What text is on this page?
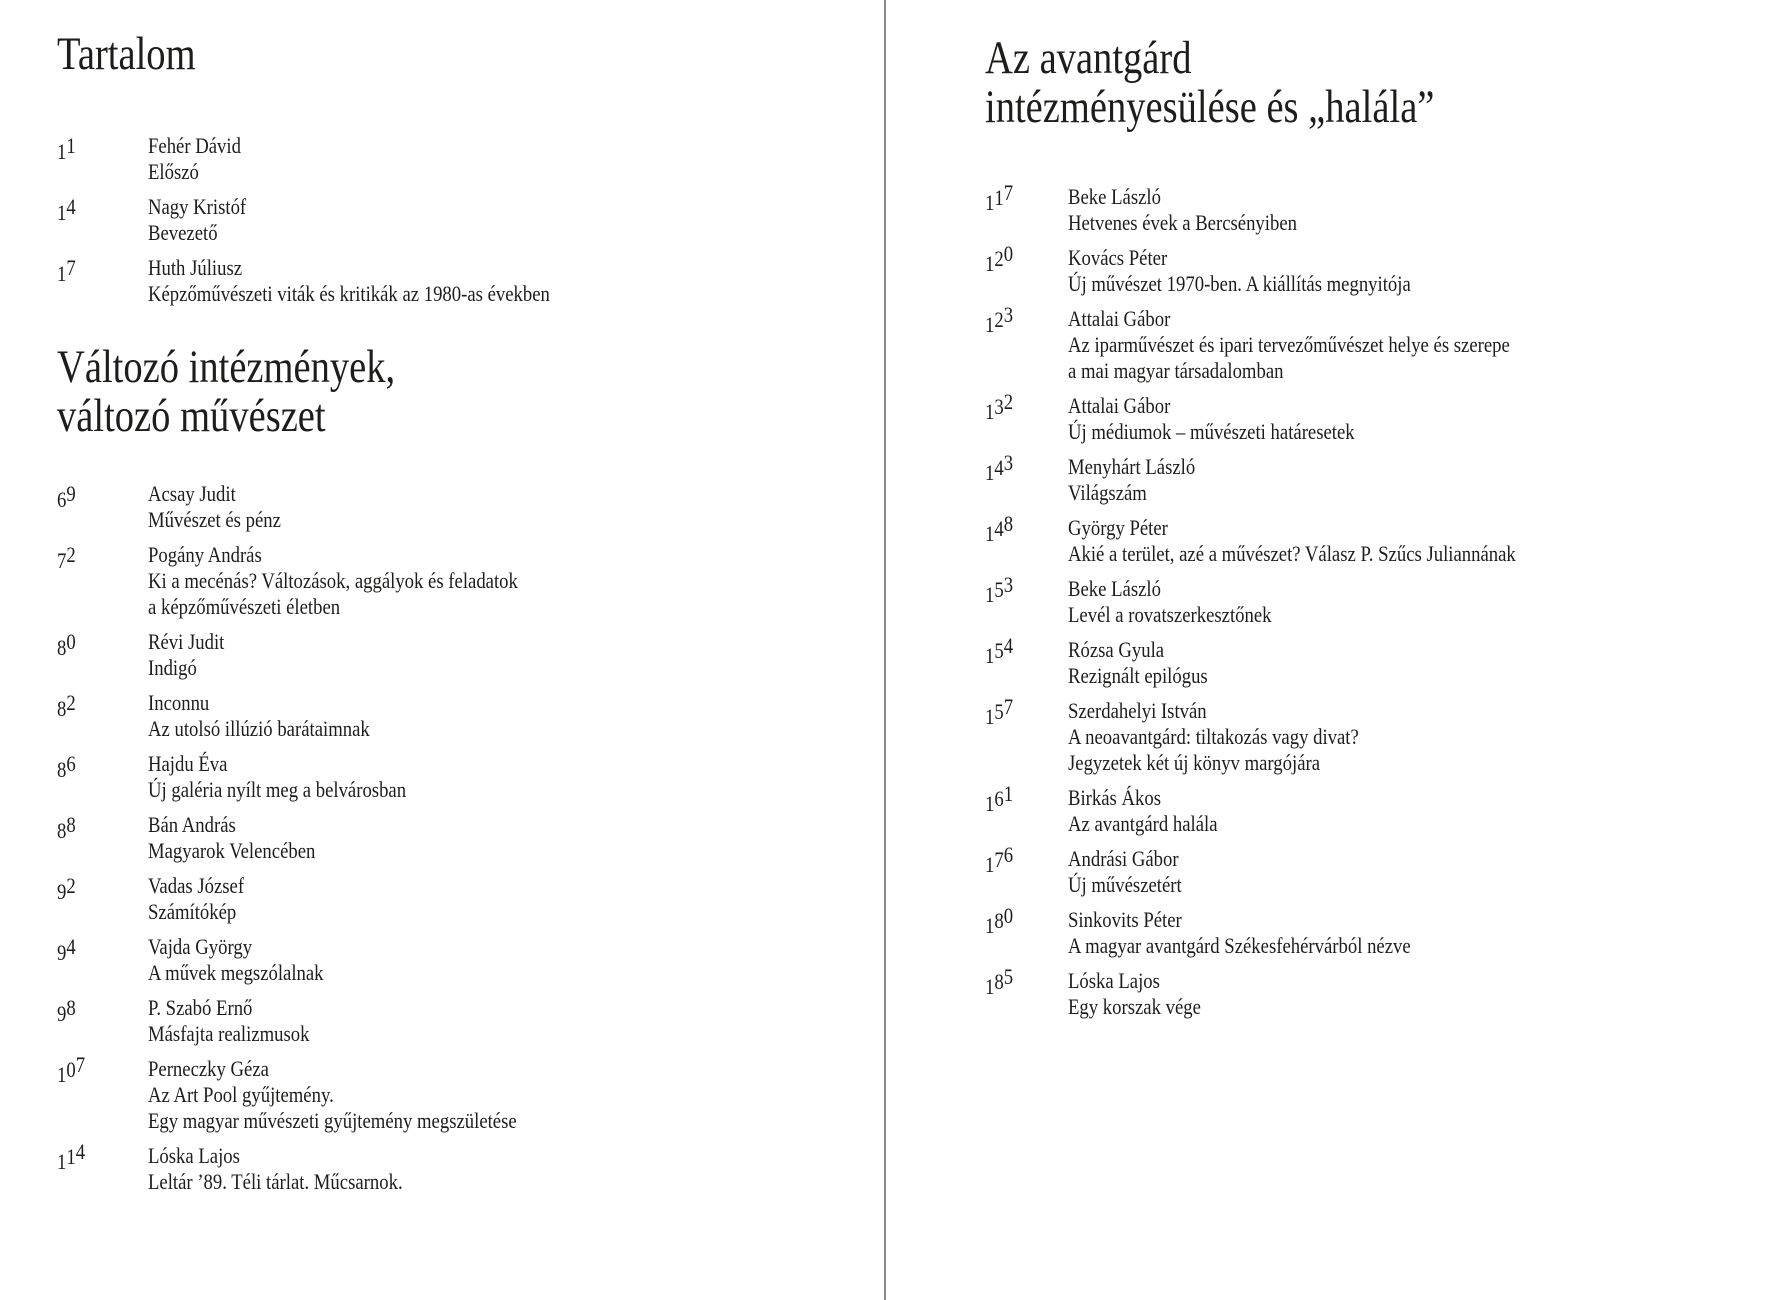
Tartalom
11	Fehér Dávid
Előszó
14	Nagy Kristóf
Bevezető
17	Huth Júliusz
Képzőművészeti viták és kritikák az 1980-as években
Változó intézmények,
változó művészet
69	Acsay Judit
Művészet és pénz
72	Pogány András
Ki a mecénás? Változások, aggályok és feladatok
a képzőművészeti életben
80	Révi Judit
Indigó
82	Inconnu
Az utolsó illúzió barátaimnak
86	Hajdu Éva
Új galéria nyílt meg a belvárosban
88	Bán András
Magyarok Velencében
92	Vadas József
Számítókép
94	Vajda György
A művek megszólalnak
98	P. Szabó Ernő
Másfajta realizmusok
107	Perneczky Géza
Az Art Pool gyűjtemény.
Egy magyar művészeti gyűjtemény megszületése
114	Lóska Lajos
Leltár ’89. Téli tárlat. Műcsarnok.
Az avantgárd
intézményesülése és „halála”
117	Beke László
Hetvenes évek a Bercsényiben
120	Kovács Péter
Új művészet 1970-ben. A kiállítás megnyitója
123	Attalai Gábor
Az iparművészet és ipari tervezőművészet helye és szerepe
a mai magyar társadalomban
132	Attalai Gábor
Új médiumok – művészeti határesetek
143	Menyhárt László
Világszám
148	György Péter
Akié a terület, azé a művészet? Válasz P. Szűcs Juliannának
153	Beke László
Levél a rovatszerkesztőnek
154	Rózsa Gyula
Rezignált epilógus
157	Szerdahelyi István
A neoavantgárd: tiltakozás vagy divat?
Jegyzetek két új könyv margójára
161	Birkás Ákos
Az avantgárd halála
176	Andrási Gábor
Új művészetért
180	Sinkovits Péter
A magyar avantgárd Székesfehérvárból nézve
185	Lóska Lajos
Egy korszak vége
